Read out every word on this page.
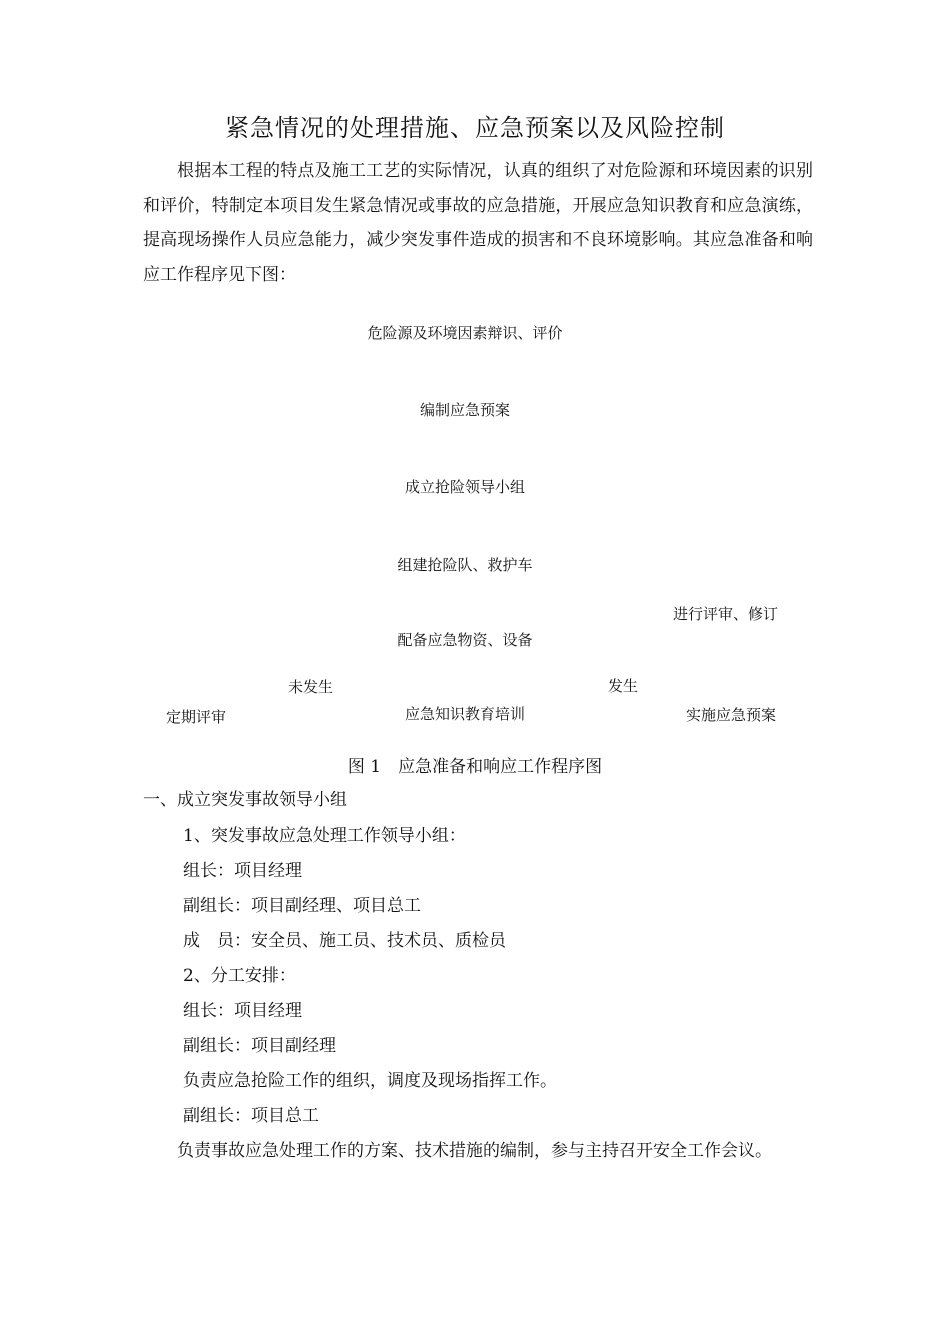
紧急情况的处理措施、应急预案以及风险控制

根据本工程的特点及施工工艺的实际情况，认真的组织了对危险源和环境因素的识别和评价，特制定本项目发生紧急情况或事故的应急措施，开展应急知识教育和应急演练，提高现场操作人员应急能力，减少突发事件造成的损害和不良环境影响。其应急准备和响应工作程序见下图：

危险源及环境因素辩识、评价
编制应急预案
成立抢险领导小组
组建抢险队、救护车
进行评审、修订
配备应急物资、设备
未发生	发生
定期评审	应急知识教育培训	实施应急预案
图 1　应急准备和响应工作程序图
一、成立突发事故领导小组
1、突发事故应急处理工作领导小组：
组长：项目经理
副组长：项目副经理、项目总工
成　员：安全员、施工员、技术员、质检员
2、分工安排：
组长：项目经理
副组长：项目副经理
负责应急抢险工作的组织，调度及现场指挥工作。
副组长：项目总工
负责事故应急处理工作的方案、技术措施的编制，参与主持召开安全工作会议。
